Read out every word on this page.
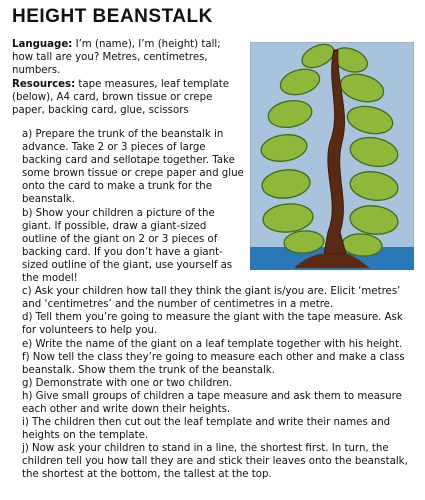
HEIGHT BEANSTALK
Language: I’m (name), I’m (height) tall; how tall are you? Metres, centimetres, numbers.
Resources: tape measures, leaf template (below), A4 card, brown tissue or crepe paper, backing card, glue, scissors

a) Prepare the trunk of the beanstalk in advance. Take 2 or 3 pieces of large backing card and sellotape together. Take some brown tissue or crepe paper and glue onto the card to make a trunk for the beanstalk.

b) Show your children a picture of the giant. If possible, draw a giant-sized outline of the giant on 2 or 3 pieces of backing card. If you don’t have a giant-sized outline of the giant, use yourself as the model!

c) Ask your children how tall they think the giant is/you are. Elicit ‘metres’ and ‘centimetres’ and the number of centimetres in a metre.

d) Tell them you’re going to measure the giant with the tape measure. Ask for volunteers to help you.

e) Write the name of the giant on a leaf template together with his height.

f) Now tell the class they’re going to measure each other and make a class beanstalk. Show them the trunk of the beanstalk.

g) Demonstrate with one or two children.

h) Give small groups of children a tape measure and ask them to measure each other and write down their heights.

i) The children then cut out the leaf template and write their names and heights on the template.

j) Now ask your children to stand in a line, the shortest first. In turn, the children tell you how tall they are and stick their leaves onto the beanstalk, the shortest at the bottom, the tallest at the top.
